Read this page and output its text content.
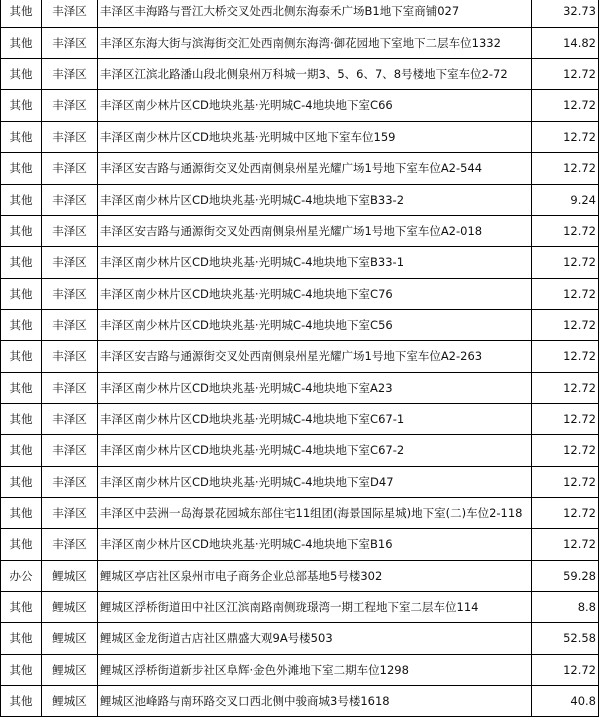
其他	丰泽区	丰泽区丰海路与晋江大桥交叉处西北侧东海泰禾广场B1地下室商铺027	32.73
其他	丰泽区	丰泽区东海大街与滨海街交汇处西南侧东海湾·御花园地下室地下二层车位1332	14.82
其他	丰泽区	丰泽区江滨北路潘山段北侧泉州万科城一期3、5、6、7、8号楼地下室车位2-72	12.72
其他	丰泽区	丰泽区南少林片区CD地块兆基·光明城C-4地块地下室C66	12.72
其他	丰泽区	丰泽区南少林片区CD地块兆基·光明城中区地下室车位159	12.72
其他	丰泽区	丰泽区安吉路与通源街交叉处西南侧泉州星光耀广场1号地下室车位A2-544	12.72
其他	丰泽区	丰泽区南少林片区CD地块兆基·光明城C-4地块地下室B33-2	9.24
其他	丰泽区	丰泽区安吉路与通源街交叉处西南侧泉州星光耀广场1号地下室车位A2-018	12.72
其他	丰泽区	丰泽区南少林片区CD地块兆基·光明城C-4地块地下室B33-1	12.72
其他	丰泽区	丰泽区南少林片区CD地块兆基·光明城C-4地块地下室C76	12.72
其他	丰泽区	丰泽区南少林片区CD地块兆基·光明城C-4地块地下室C56	12.72
其他	丰泽区	丰泽区安吉路与通源街交叉处西南侧泉州星光耀广场1号地下室车位A2-263	12.72
其他	丰泽区	丰泽区南少林片区CD地块兆基·光明城C-4地块地下室A23	12.72
其他	丰泽区	丰泽区南少林片区CD地块兆基·光明城C-4地块地下室C67-1	12.72
其他	丰泽区	丰泽区南少林片区CD地块兆基·光明城C-4地块地下室C67-2	12.72
其他	丰泽区	丰泽区南少林片区CD地块兆基·光明城C-4地块地下室D47	12.72
其他	丰泽区	丰泽区中芸洲一岛海景花园城东部住宅11组团(海景国际星城)地下室(二)车位2-118	12.72
其他	丰泽区	丰泽区南少林片区CD地块兆基·光明城C-4地块地下室B16	12.72
办公	鲤城区	鲤城区亭店社区泉州市电子商务企业总部基地5号楼302	59.28
其他	鲤城区	鲤城区浮桥街道田中社区江滨南路南侧珑璟湾一期工程地下室二层车位114	8.8
其他	鲤城区	鲤城区金龙街道古店社区鼎盛大观9A号楼503	52.58
其他	鲤城区	鲤城区浮桥街道新步社区阜辉·金色外滩地下室二期车位1298	12.72
其他	鲤城区	鲤城区池峰路与南环路交叉口西北侧中骏商城3号楼1618	40.8
